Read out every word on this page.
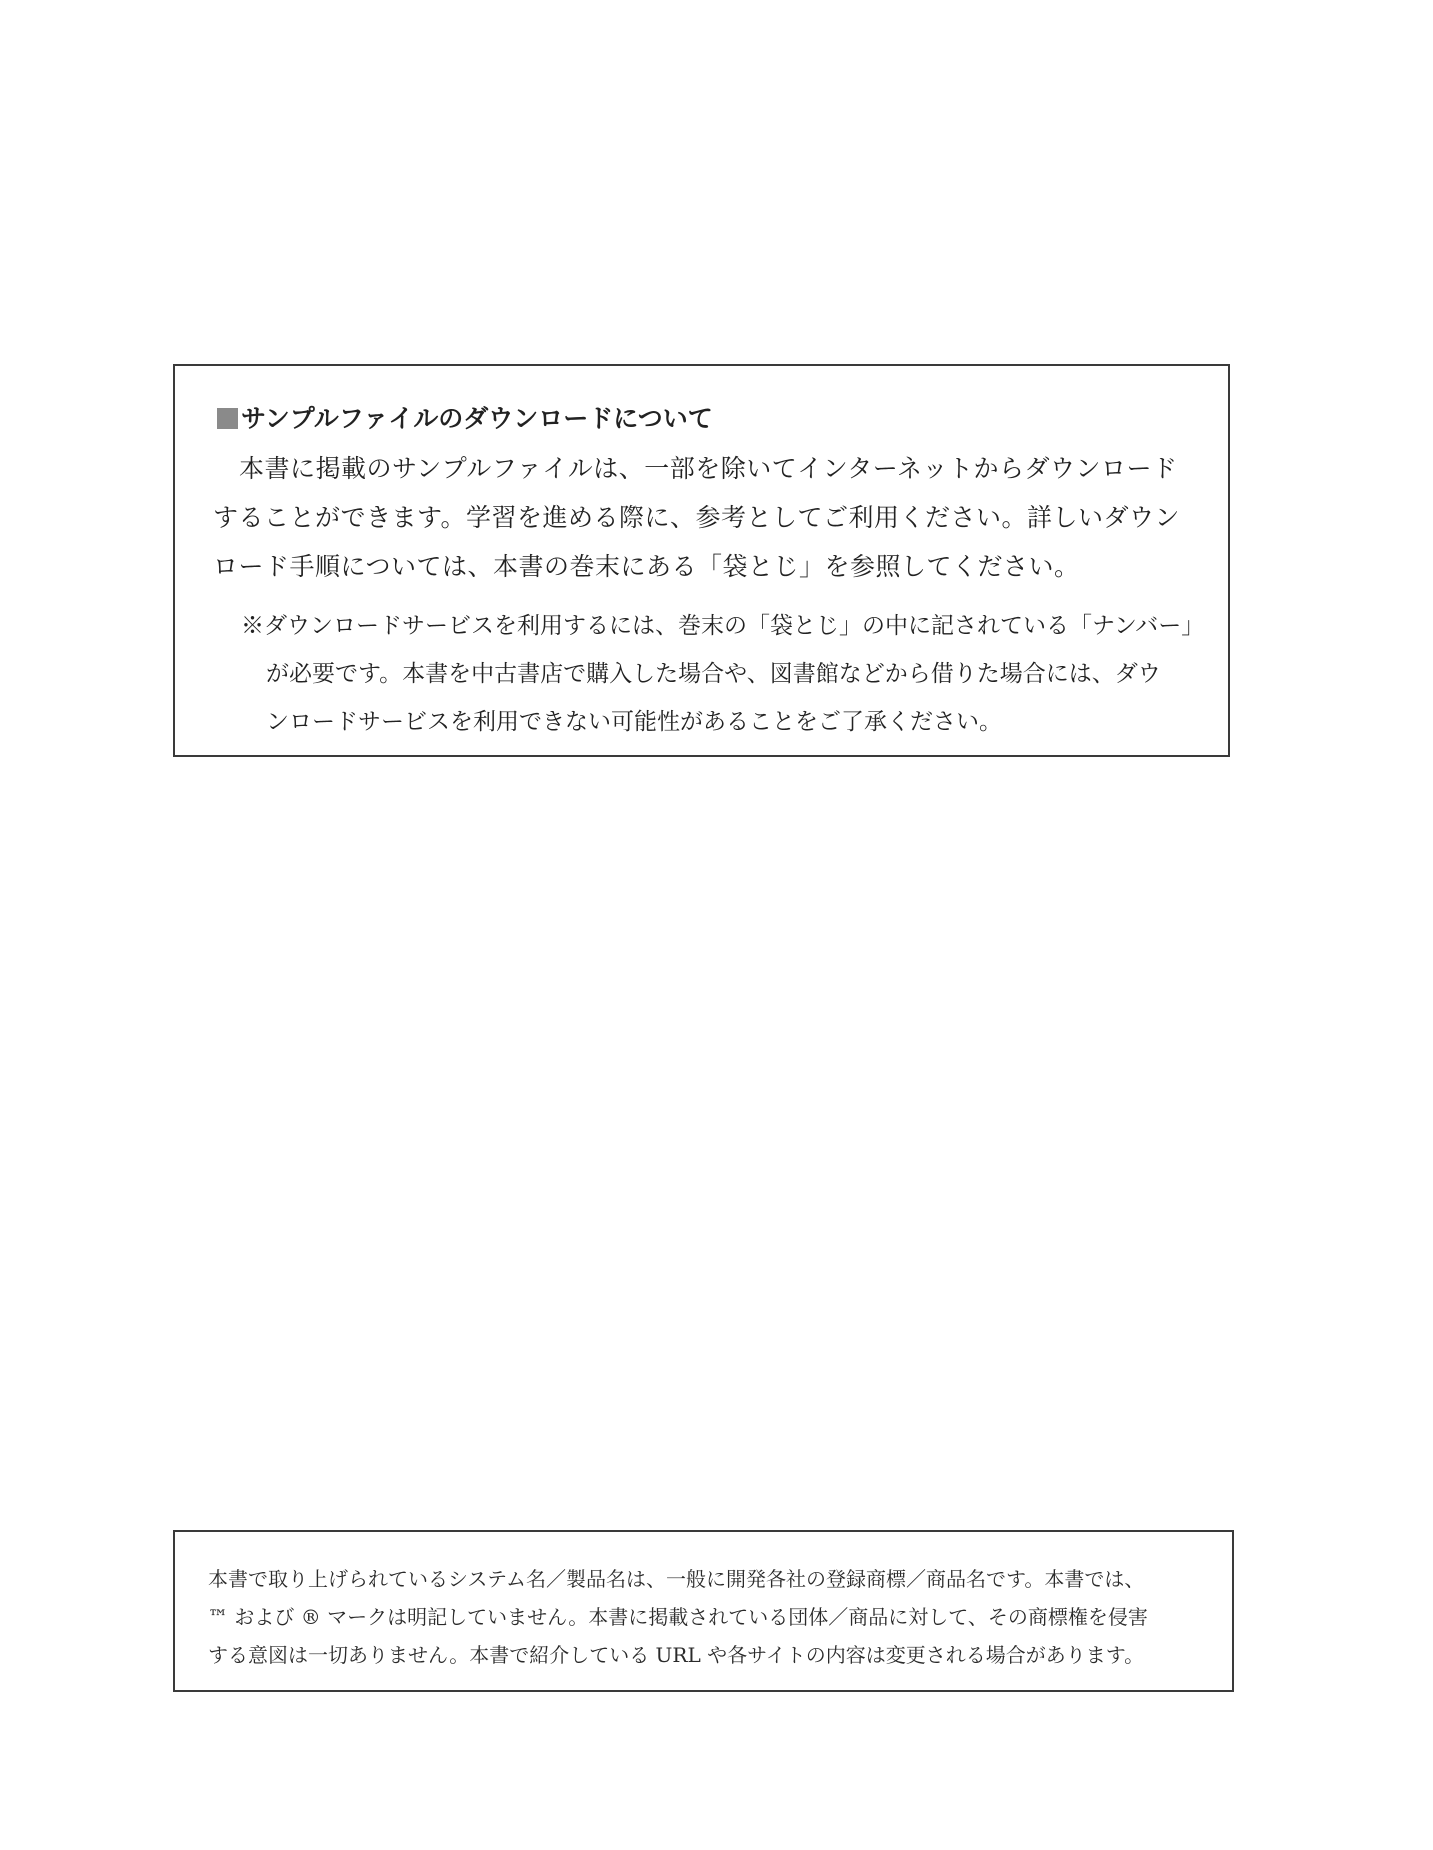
サンプルファイルのダウンロードについて
本書に掲載のサンプルファイルは、一部を除いてインターネットからダウンロード
することができます。学習を進める際に、参考としてご利用ください。詳しいダウン
ロード手順については、本書の巻末にある「袋とじ」を参照してください。
※ダウンロードサービスを利用するには、巻末の「袋とじ」の中に記されている「ナンバー」
が必要です。本書を中古書店で購入した場合や、図書館などから借りた場合には、ダウ
ンロードサービスを利用できない可能性があることをご了承ください。
本書で取り上げられているシステム名／製品名は、一般に開発各社の登録商標／商品名です。本書では、
™ および ® マークは明記していません。本書に掲載されている団体／商品に対して、その商標権を侵害
する意図は一切ありません。本書で紹介している URL や各サイトの内容は変更される場合があります。
